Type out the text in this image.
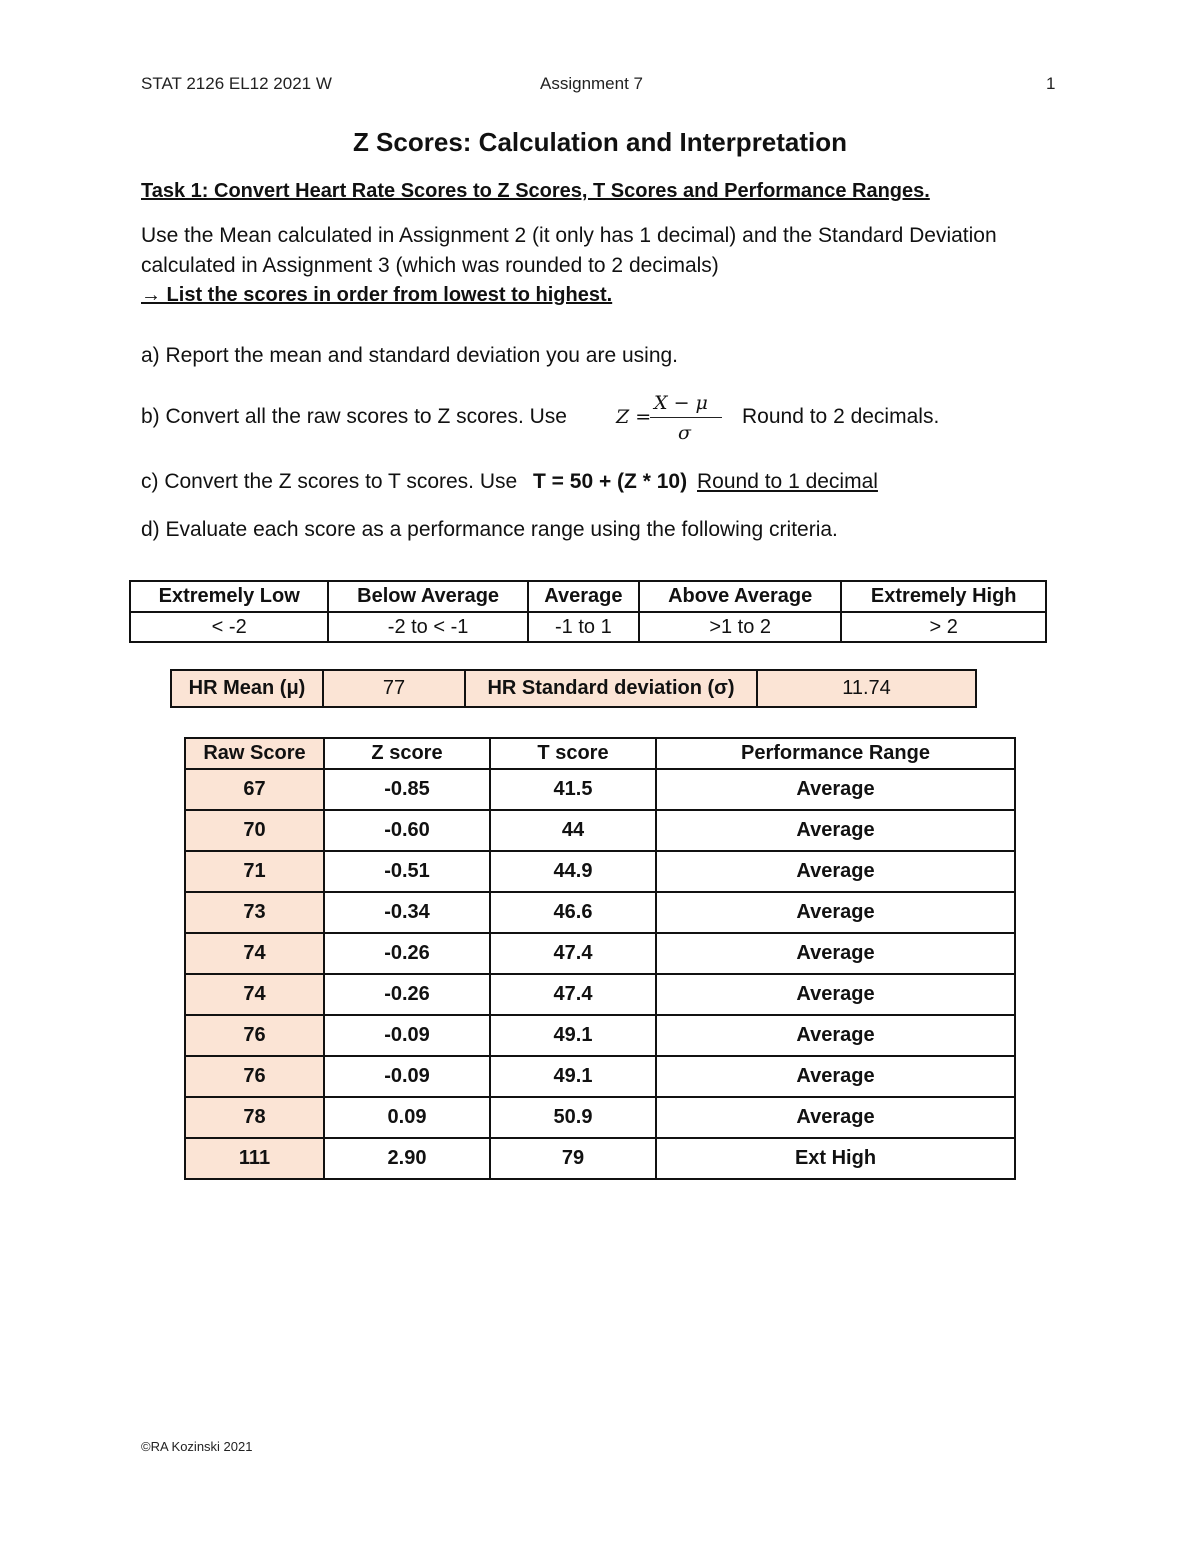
STAT 2126 EL12 2021 W	Assignment 7	1
Z Scores: Calculation and Interpretation
Task 1: Convert Heart Rate Scores to Z Scores, T Scores and Performance Ranges.
Use the Mean calculated in Assignment 2 (it only has 1 decimal) and the Standard Deviation
calculated in Assignment 3 (which was rounded to 2 decimals)
→ List the scores in order from lowest to highest.
a) Report the mean and standard deviation you are using.
b) Convert all the raw scores to Z scores. Use	Z =
X − μ
σ
Round to 2 decimals.
c) Convert the Z scores to T scores. Use T = 50 + (Z * 10) Round to 1 decimal
d) Evaluate each score as a performance range using the following criteria.
Extremely Low	Below Average	Average	Above Average	Extremely High
< -2	-2 to < -1	-1 to 1	>1 to 2	> 2
HR Mean (μ)	77	HR Standard deviation (σ)	11.74
Raw Score	Z score	T score	Performance Range
67	-0.85	41.5	Average
70	-0.60	44	Average
71	-0.51	44.9	Average
73	-0.34	46.6	Average
74	-0.26	47.4	Average
74	-0.26	47.4	Average
76	-0.09	49.1	Average
76	-0.09	49.1	Average
78	0.09	50.9	Average
111	2.90	79	Ext High
©RA Kozinski 2021
